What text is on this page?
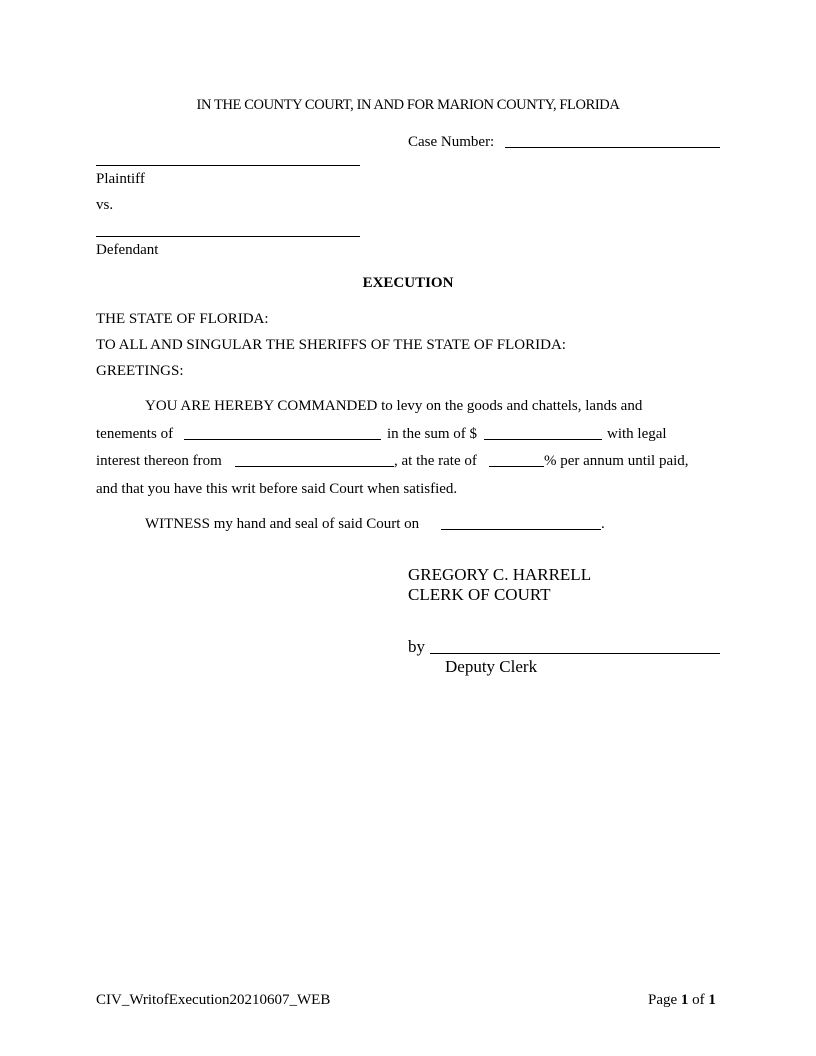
IN THE COUNTY COURT, IN AND FOR MARION COUNTY, FLORIDA
Case Number:
Plaintiff
vs.
Defendant
EXECUTION
THE STATE OF FLORIDA:
TO ALL AND SINGULAR THE SHERIFFS OF THE STATE OF FLORIDA:
GREETINGS:
YOU ARE HEREBY COMMANDED to levy on the goods and chattels, lands and
tenements of	in the sum of $	with legal
interest thereon from	, at the rate of	% per annum until paid,
and that you have this writ before said Court when satisfied.
WITNESS my hand and seal of said Court on	.
GREGORY C. HARRELL
CLERK OF COURT
by
Deputy Clerk
CIV_WritofExecution20210607_WEB	Page 1 of 1
